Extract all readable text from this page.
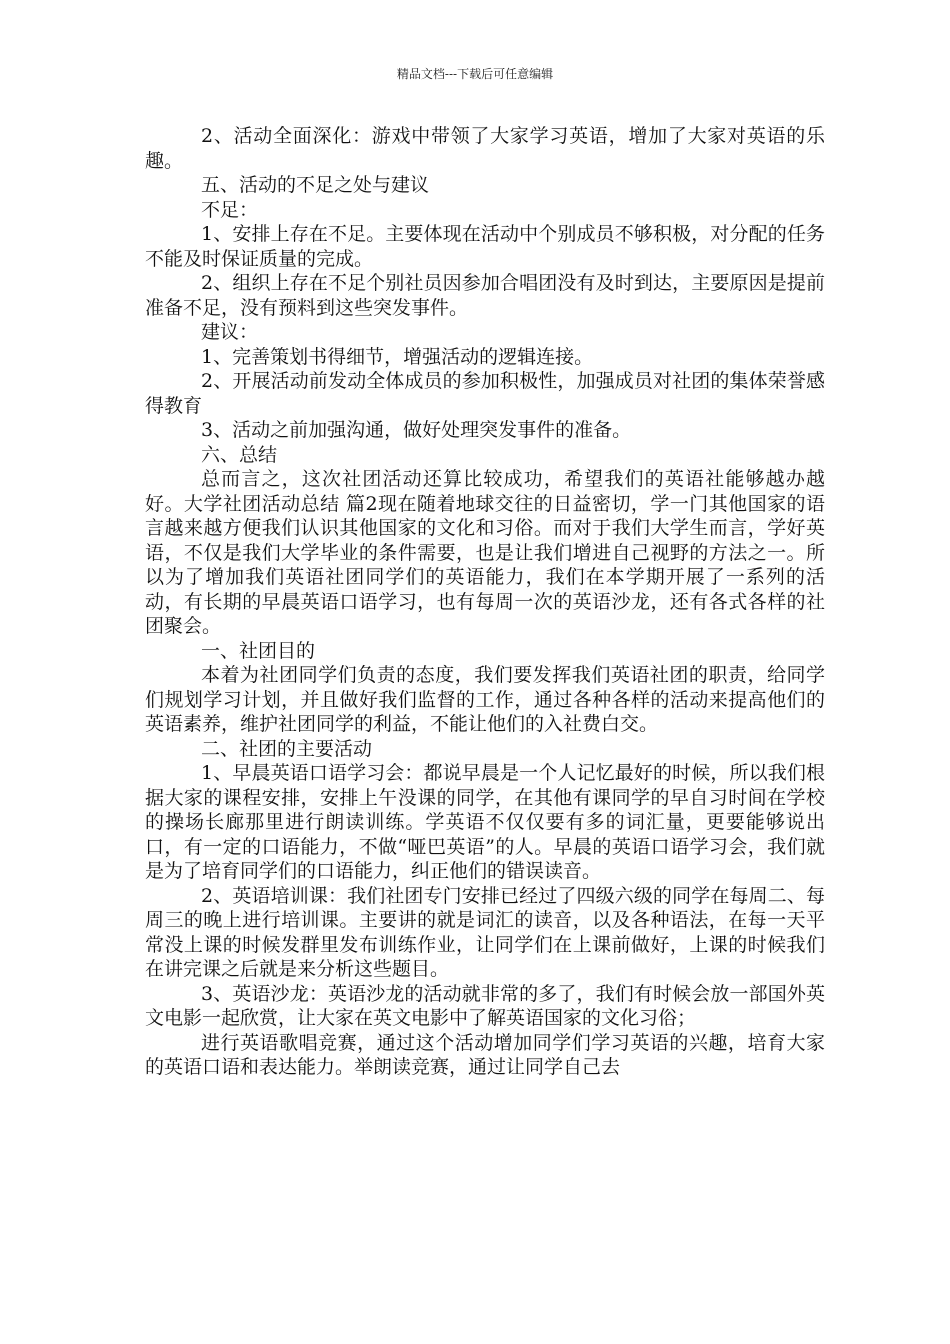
精品文档---下载后可任意编辑

2、活动全面深化：游戏中带领了大家学习英语，增加了大家对英语的乐趣。

五、活动的不足之处与建议

不足：

1、安排上存在不足。主要体现在活动中个别成员不够积极，对分配的任务不能及时保证质量的完成。

2、组织上存在不足个别社员因参加合唱团没有及时到达，主要原因是提前准备不足，没有预料到这些突发事件。

建议：

1、完善策划书得细节，增强活动的逻辑连接。

2、开展活动前发动全体成员的参加积极性，加强成员对社团的集体荣誉感得教育

3、活动之前加强沟通，做好处理突发事件的准备。

六、总结

总而言之，这次社团活动还算比较成功，希望我们的英语社能够越办越好。大学社团活动总结 篇2现在随着地球交往的日益密切，学一门其他国家的语言越来越方便我们认识其他国家的文化和习俗。而对于我们大学生而言，学好英语，不仅是我们大学毕业的条件需要，也是让我们增进自己视野的方法之一。所以为了增加我们英语社团同学们的英语能力，我们在本学期开展了一系列的活动，有长期的早晨英语口语学习，也有每周一次的英语沙龙，还有各式各样的社团聚会。

一、社团目的

本着为社团同学们负责的态度，我们要发挥我们英语社团的职责，给同学们规划学习计划，并且做好我们监督的工作，通过各种各样的活动来提高他们的英语素养，维护社团同学的利益，不能让他们的入社费白交。

二、社团的主要活动

1、早晨英语口语学习会：都说早晨是一个人记忆最好的时候，所以我们根据大家的课程安排，安排上午没课的同学，在其他有课同学的早自习时间在学校的操场长廊那里进行朗读训练。学英语不仅仅要有多的词汇量，更要能够说出口，有一定的口语能力，不做“哑巴英语”的人。早晨的英语口语学习会，我们就是为了培育同学们的口语能力，纠正他们的错误读音。

2、英语培训课：我们社团专门安排已经过了四级六级的同学在每周二、每周三的晚上进行培训课。主要讲的就是词汇的读音，以及各种语法，在每一天平常没上课的时候发群里发布训练作业，让同学们在上课前做好，上课的时候我们在讲完课之后就是来分析这些题目。

3、英语沙龙：英语沙龙的活动就非常的多了，我们有时候会放一部国外英文电影一起欣赏，让大家在英文电影中了解英语国家的文化习俗；

进行英语歌唱竞赛，通过这个活动增加同学们学习英语的兴趣，培育大家的英语口语和表达能力。举朗读竞赛，通过让同学自己去
